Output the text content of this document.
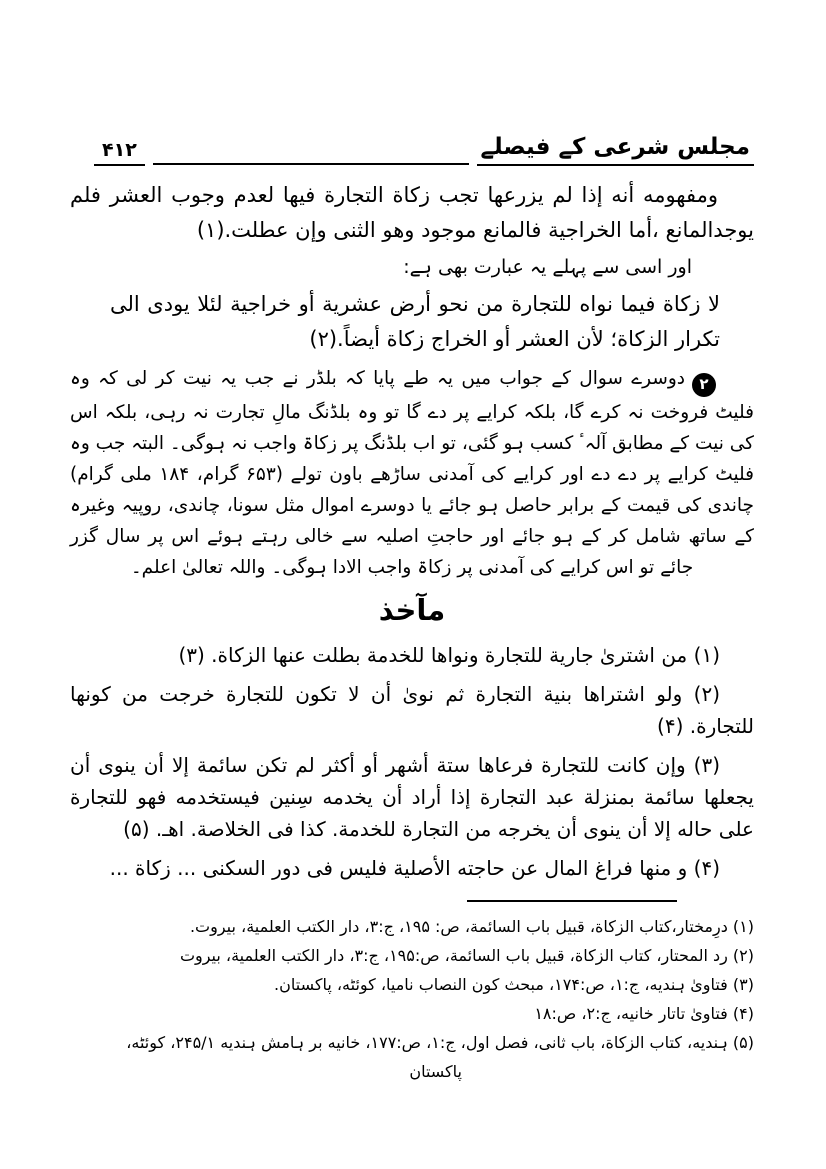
۴۱۲	مجلس شرعی کے فیصلے

ومفهومه أنه إذا لم يزرعها تجب زكاة التجارة فيها لعدم وجوب العشر فلم يوجدالمانع ،أما الخراجية فالمانع موجود وهو الثنى وإن عطلت.(١)

اور اسی سے پہلے یہ عبارت بھی ہے:

لا زكاة فيما نواه للتجارة من نحو أرض عشرية أو خراجية لئلا يودى الى تكرار الزكاة؛ لأن العشر أو الخراج زكاة أيضاً.(٢)

۲دوسرے سوال کے جواب میں یہ طے پایا کہ بلڈر نے جب یہ نیت کر لی کہ وہ فلیٹ فروخت نہ کرے گا، بلکہ کرایے پر دے گا تو وہ بلڈنگ مالِ تجارت نہ رہی، بلکہ اس کی نیت کے مطابق آلہٴ کسب ہو گئی، تو اب بلڈنگ پر زکاۃ واجب نہ ہوگی۔ البتہ جب وہ فلیٹ کرایے پر دے دے اور کرایے کی آمدنی ساڑھے باون تولے (۶۵۳ گرام، ۱۸۴ ملی گرام) چاندی کی قیمت کے برابر حاصل ہو جائے یا دوسرے اموال مثل سونا، چاندی، روپیہ وغیرہ کے ساتھ شامل کر کے ہو جائے اور حاجتِ اصلیہ سے خالی رہتے ہوئے اس پر سال گزر جائے تو اس کرایے کی آمدنی پر زکاۃ واجب الادا ہوگی۔ واللہ تعالیٰ اعلم۔

مآخذ

(۱) من اشترىٰ جارية للتجارة ونواها للخدمة بطلت عنها الزكاة. (۳)

(۲) ولو اشتراها بنية التجارة ثم نوىٰ أن لا تكون للتجارة خرجت من كونها للتجارة. (۴)

(۳) وإن كانت للتجارة فرعاها ستة أشهر أو أكثر لم تكن سائمة إلا أن ينوى أن يجعلها سائمة بمنزلة عبد التجارة إذا أراد أن يخدمه سِنين فيستخدمه فهو للتجارة على حاله إلا أن ينوى أن يخرجه من التجارة للخدمة. كذا فى الخلاصة. اهـ. (۵)

(۴) و منها فراغ المال عن حاجته الأصلية فليس فى دور السكنى ... زكاة ...

(۱) درِمختار،کتاب الزکاة، قبیل باب السائمة، ص: ۱۹۵، ج:۳، دار الکتب العلمیة، بیروت.

(۲) رد المحتار، کتاب الزکاة، قبیل باب السائمة، ص:۱۹۵، ج:۳، دار الکتب العلمیة، بیروت

(۳) فتاویٰ ہندیه، ج:۱، ص:۱۷۴، مبحث کون النصاب نامیا، کوئٹه، پاکستان.

(۴) فتاویٰ تاتار خانیه، ج:۲، ص:۱۸

(۵) ہندیه، کتاب الزکاة، باب ثانی، فصل اول، ج:۱، ص:۱۷۷، خانیه بر ہامش ہندیه ۲۴۵/۱، کوئٹه، پاکستان
